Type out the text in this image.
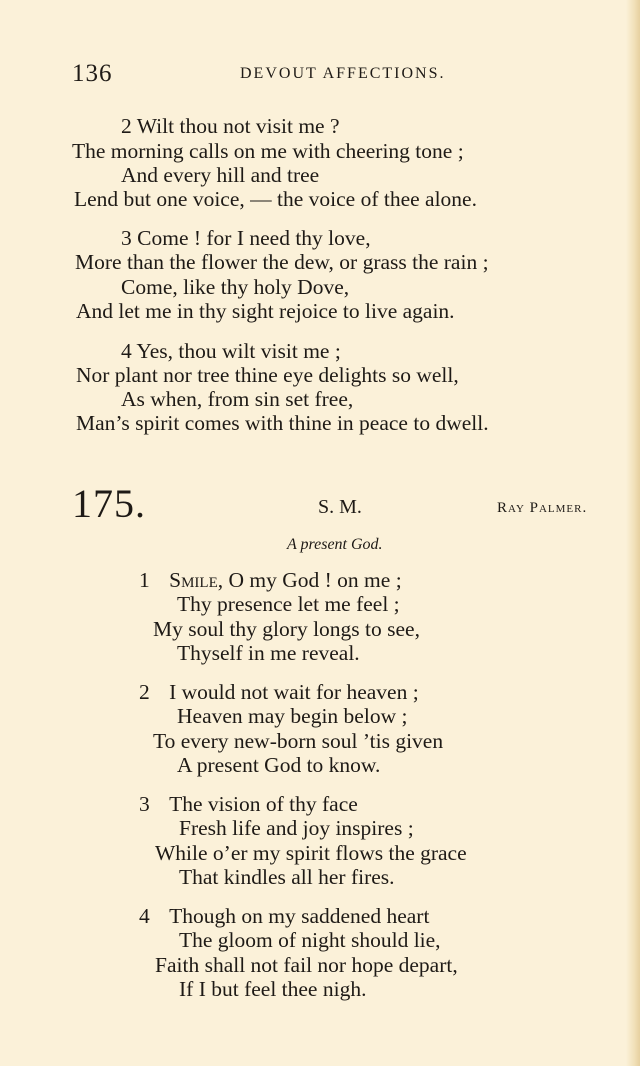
136	DEVOUT AFFECTIONS.
2 Wilt thou not visit me ?
The morning calls on me with cheering tone ;
And every hill and tree
Lend but one voice, — the voice of thee alone.
3 Come ! for I need thy love,
More than the flower the dew, or grass the rain ;
Come, like thy holy Dove,
And let me in thy sight rejoice to live again.
4 Yes, thou wilt visit me ;
Nor plant nor tree thine eye delights so well,
As when, from sin set free,
Man’s spirit comes with thine in peace to dwell.
175.	S. M.	Ray Palmer.
A present God.
1 Smile, O my God ! on me ;
Thy presence let me feel ;
My soul thy glory longs to see,
Thyself in me reveal.
2 I would not wait for heaven ;
Heaven may begin below ;
To every new-born soul ’tis given
A present God to know.
3 The vision of thy face
Fresh life and joy inspires ;
While o’er my spirit flows the grace
That kindles all her fires.
4 Though on my saddened heart
The gloom of night should lie,
Faith shall not fail nor hope depart,
If I but feel thee nigh.
